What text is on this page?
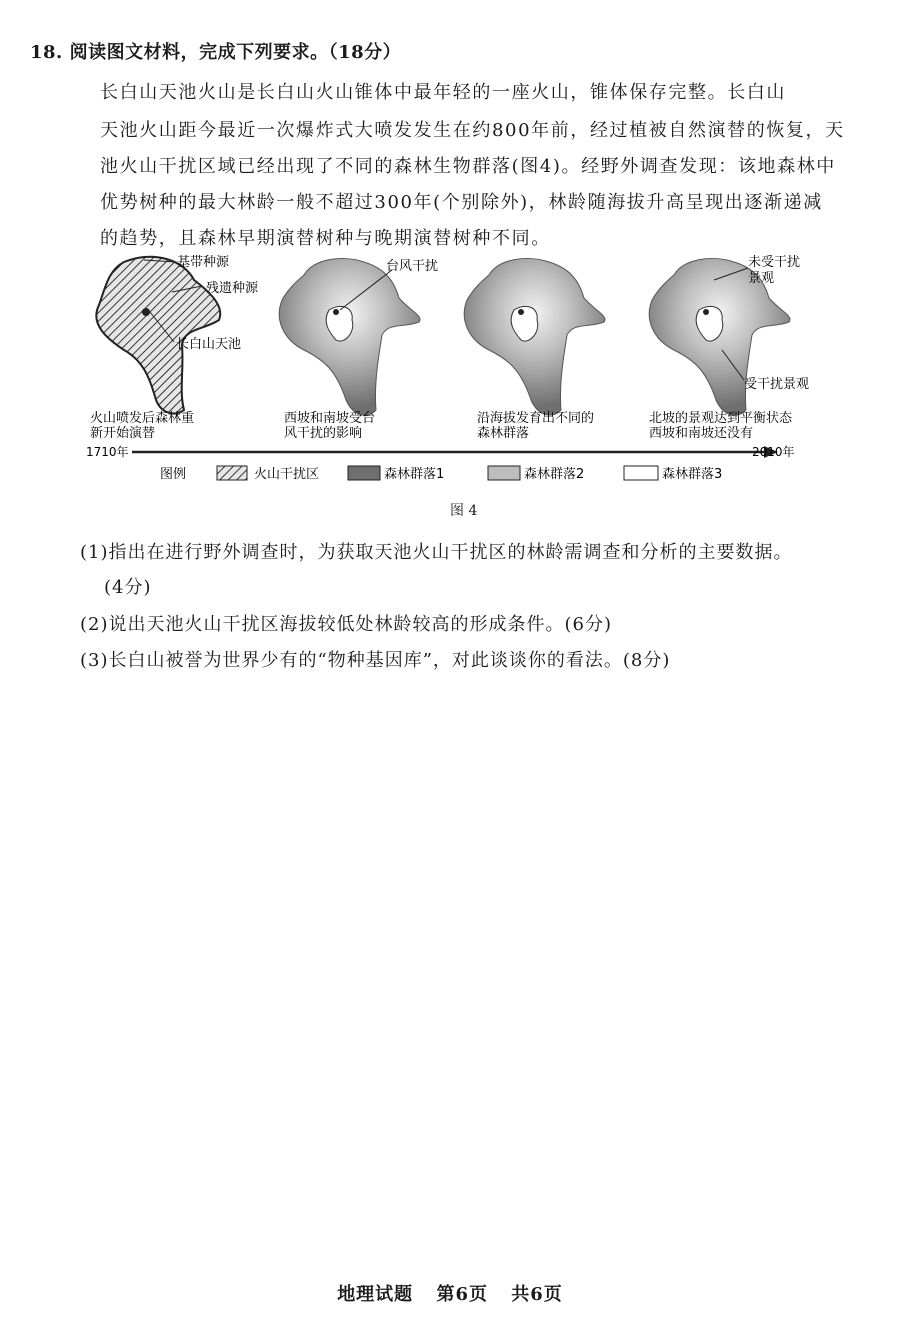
18. 阅读图文材料，完成下列要求。（18分）
长白山天池火山是长白山火山锥体中最年轻的一座火山，锥体保存完整。长白山
天池火山距今最近一次爆炸式大喷发发生在约800年前，经过植被自然演替的恢复，天
池火山干扰区域已经出现了不同的森林生物群落(图4)。经野外调查发现：该地森林中
优势树种的最大林龄一般不超过300年(个别除外)，林龄随海拔升高呈现出逐渐递减
的趋势，且森林早期演替树种与晚期演替树种不同。
基带种源
残遗种源
长白山天池
台风干扰	未受干扰
景观
受干扰景观
火山喷发后森林重
新开始演替
西坡和南坡受台
风干扰的影响
沿海拔发育出不同的
森林群落
北坡的景观达到平衡状态
西坡和南坡还没有
1710年	2010年
图例	火山干扰区	森林群落1	森林群落2	森林群落3
图 4
(1)指出在进行野外调查时，为获取天池火山干扰区的林龄需调查和分析的主要数据。
(4分)
(2)说出天池火山干扰区海拔较低处林龄较高的形成条件。(6分)
(3)长白山被誉为世界少有的“物种基因库”，对此谈谈你的看法。(8分)
地理试题 第6页 共6页
